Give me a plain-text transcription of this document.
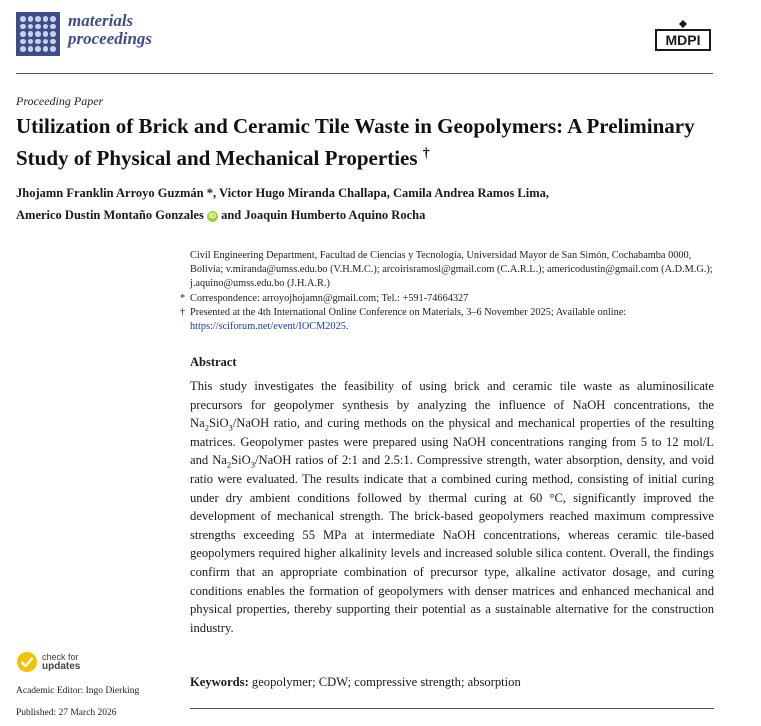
materials
proceedings	MDPI
Proceeding Paper
Utilization of Brick and Ceramic Tile Waste in Geopolymers: A Preliminary Study of Physical and Mechanical Properties †
Jhojamn Franklin Arroyo Guzmán *, Victor Hugo Miranda Challapa, Camila Andrea Ramos Lima,
Americo Dustin Montaño Gonzales iD and Joaquin Humberto Aquino Rocha
Civil Engineering Department, Facultad de Ciencias y Tecnología, Universidad Mayor de San Simón, Cochabamba 0000, Bolivia; v.miranda@umss.edu.bo (V.H.M.C.); arcoirisramosl@gmail.com (C.A.R.L.); americodustin@gmail.com (A.D.M.G.); j.aquino@umss.edu.bo (J.H.A.R.)
* Correspondence: arroyojhojamn@gmail.com; Tel.: +591-74664327
† Presented at the 4th International Online Conference on Materials, 3–6 November 2025; Available online: https://sciforum.net/event/IOCM2025.
Abstract
This study investigates the feasibility of using brick and ceramic tile waste as aluminosilicate precursors for geopolymer synthesis by analyzing the influence of NaOH concentrations, the $Na_2SiO_3$/NaOH ratio, and curing methods on the physical and mechanical properties of the resulting matrices. Geopolymer pastes were prepared using NaOH concentrations ranging from 5 to 12 mol/L and $Na_2SiO_3$/NaOH ratios of 2:1 and 2.5:1. Compressive strength, water absorption, density, and void ratio were evaluated. The results indicate that a combined curing method, consisting of initial curing under dry ambient conditions followed by thermal curing at 60 °C, significantly improved the development of mechanical strength. The brick-based geopolymers reached maximum compressive strengths exceeding 55 MPa at intermediate NaOH concentrations, whereas ceramic tile-based geopolymers required higher alkalinity levels and increased soluble silica content. Overall, the findings confirm that an appropriate combination of precursor type, alkaline activator dosage, and curing conditions enables the formation of geopolymers with denser matrices and enhanced mechanical and physical properties, thereby supporting their potential as a sustainable alternative for the construction industry.
Keywords: geopolymer; CDW; compressive strength; absorption
check for
updates
Academic Editor: Ingo Dierking
Published: 27 March 2026
